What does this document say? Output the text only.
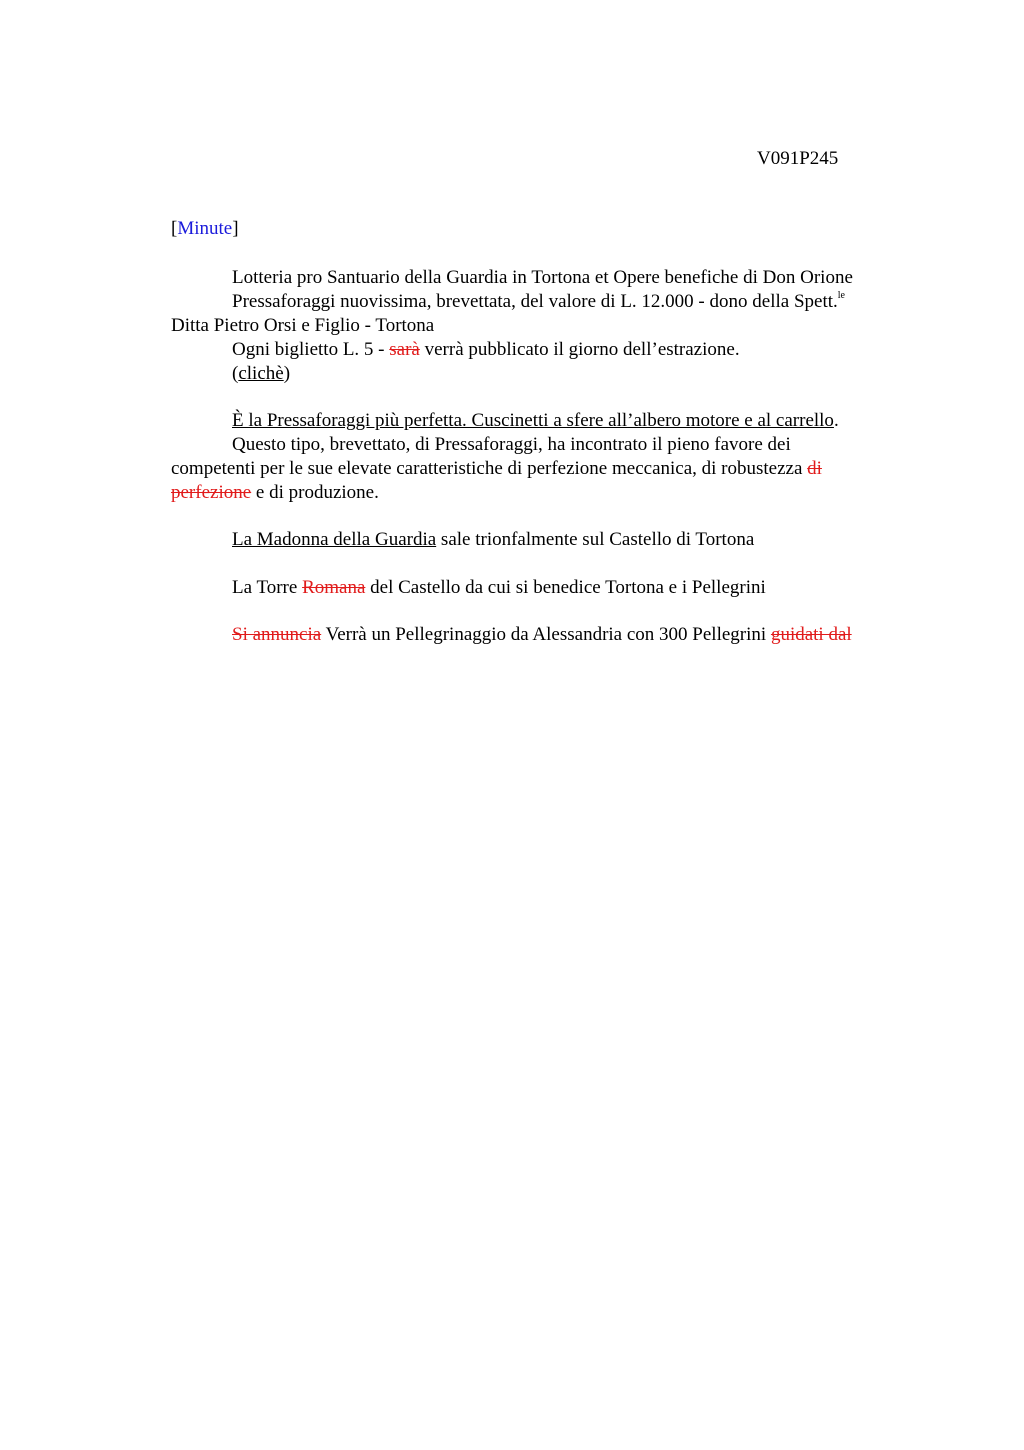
V091P245
[Minute]
Lotteria pro Santuario della Guardia in Tortona et Opere benefiche di Don Orione
Pressaforaggi nuovissima, brevettata, del valore di L. 12.000 - dono della Spett.$^{le}$
Ditta Pietro Orsi e Figlio - Tortona
Ogni biglietto L. 5 - sarà verrà pubblicato il giorno dell’estrazione.
(clichè)
È la Pressaforaggi più perfetta. Cuscinetti a sfere all’albero motore e al carrello.
Questo tipo, brevettato, di Pressaforaggi, ha incontrato il pieno favore dei
competenti per le sue elevate caratteristiche di perfezione meccanica, di robustezza di
perfezione e di produzione.
La Madonna della Guardia sale trionfalmente sul Castello di Tortona
La Torre Romana del Castello da cui si benedice Tortona e i Pellegrini
Si annuncia Verrà un Pellegrinaggio da Alessandria con 300 Pellegrini guidati dal
